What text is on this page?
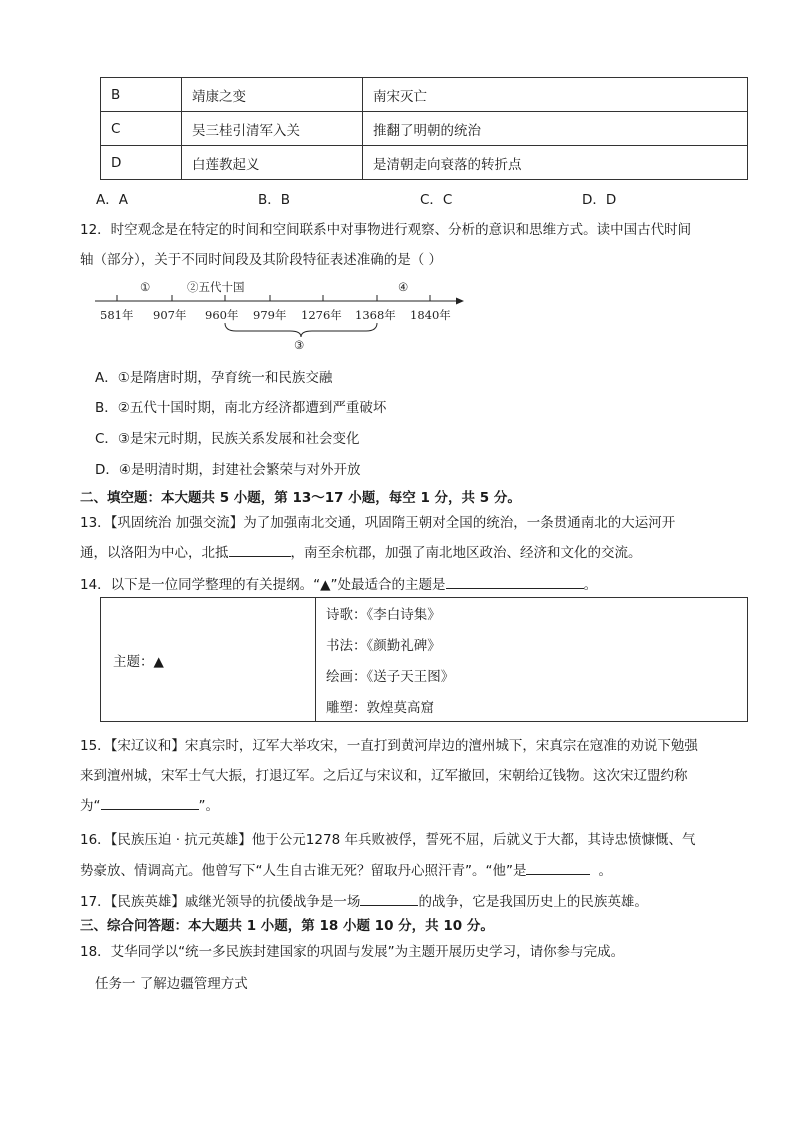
B	靖康之变	南宋灭亡
C	吴三桂引清军入关	推翻了明朝的统治
D	白莲教起义	是清朝走向衰落的转折点
A．A	B．B	C．C	D．D
12．时空观念是在特定的时间和空间联系中对事物进行观察、分析的意识和思维方式。读中国古代时间
轴（部分），关于不同时间段及其阶段特征表述准确的是（ ）
①	②五代十国	④
581年 907年 960年 979年 1276年 1368年 1840年
③
A．①是隋唐时期，孕育统一和民族交融
B．②五代十国时期，南北方经济都遭到严重破坏
C．③是宋元时期，民族关系发展和社会变化
D．④是明清时期，封建社会繁荣与对外开放
二、填空题：本大题共 5 小题，第 13～17 小题，每空 1 分，共 5 分。
13．【巩固统治 加强交流】为了加强南北交通，巩固隋王朝对全国的统治，一条贯通南北的大运河开
通，以洛阳为中心，北抵	，南至余杭郡，加强了南北地区政治、经济和文化的交流。
14．以下是一位同学整理的有关提纲。“▲”处最适合的主题是	。
主题：▲	诗歌：《李白诗集》
书法：《颜勤礼碑》
绘画：《送子天王图》
雕塑：敦煌莫高窟
15．【宋辽议和】宋真宗时，辽军大举攻宋，一直打到黄河岸边的澶州城下，宋真宗在寇准的劝说下勉强
来到澶州城，宋军士气大振，打退辽军。之后辽与宋议和，辽军撤回，宋朝给辽钱物。这次宋辽盟约称
为“	”。
16．【民族压迫 · 抗元英雄】他于公元1278 年兵败被俘，誓死不屈，后就义于大都，其诗忠愤慷慨、气
势豪放、情调高亢。他曾写下“人生自古谁无死？留取丹心照汗青”。“他”是	。
17．【民族英雄】戚继光领导的抗倭战争是一场	的战争，它是我国历史上的民族英雄。
三、综合问答题：本大题共 1 小题，第 18 小题 10 分，共 10 分。
18．艾华同学以“统一多民族封建国家的巩固与发展”为主题开展历史学习，请你参与完成。
任务一 了解边疆管理方式
